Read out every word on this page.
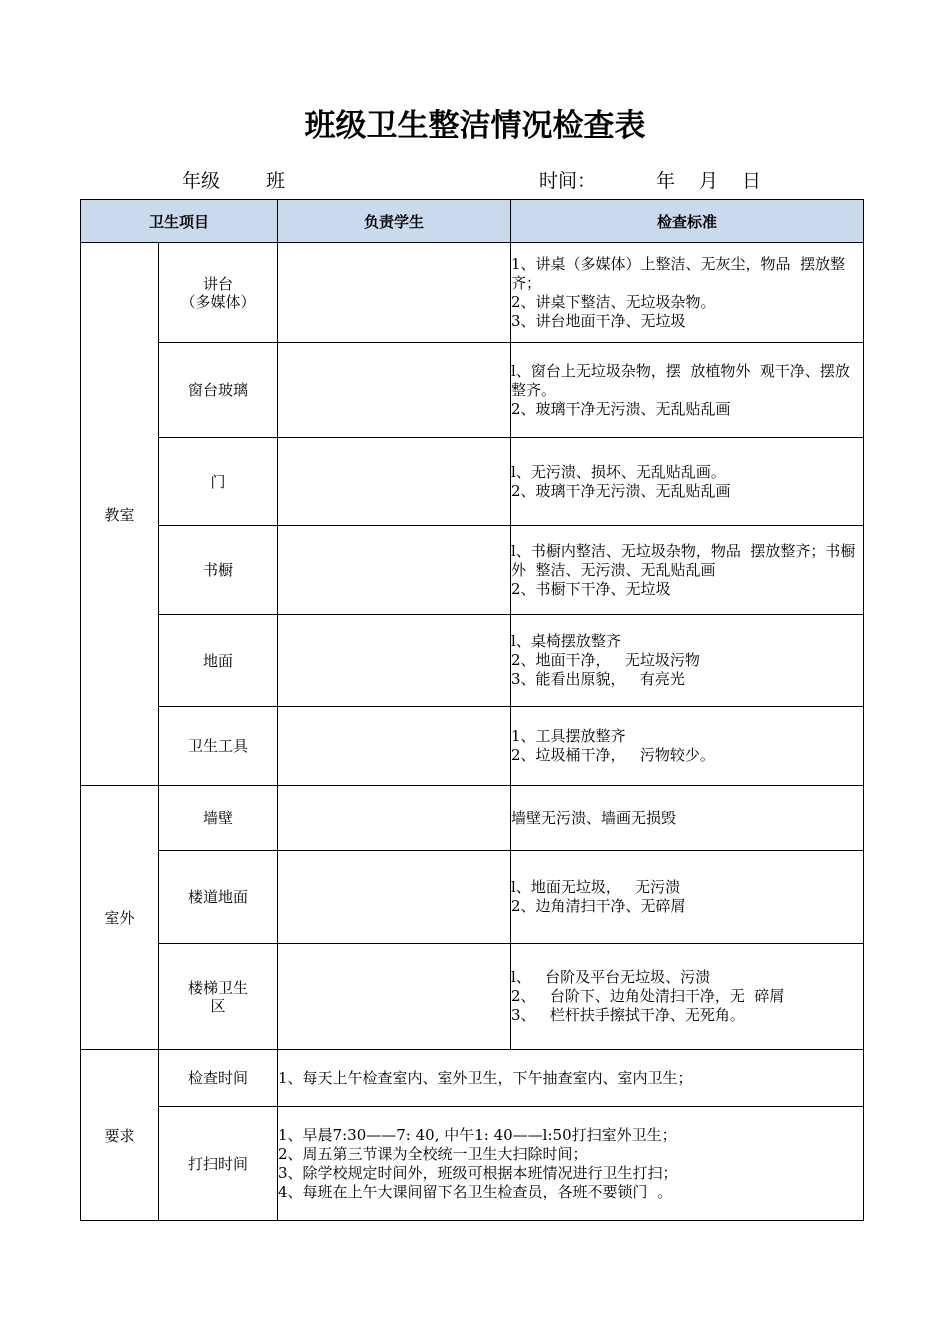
班级卫生整洁情况检查表
年级 班	时间：	年 月 日
卫生项目		负责学生	检查标准
教室	讲台
（多媒体）		1、讲桌（多媒体）上整洁、无灰尘，物品  摆放整齐；
2、讲桌下整洁、无垃圾杂物。
3、讲台地面干净、无垃圾

	窗台玻璃		l、窗台上无垃圾杂物，摆  放植物外  观干净、摆放整齐。
2、玻璃干净无污溃、无乱贴乱画

	门		l、无污溃、损坏、无乱贴乱画。
2、玻璃干净无污溃、无乱贴乱画

	书橱		l、书橱内整洁、无垃圾杂物，物品  摆放整齐；书橱外  整洁、无污溃、无乱贴乱画
2、书橱下干净、无垃圾

	地面		l、桌椅摆放整齐
2、地面干净，   无垃圾污物
3、能看出原貌，   有亮光

	卫生工具		1、工具摆放整齐
2、垃圾桶干净，   污物较少。

室外	墙壁		墙壁无污溃、墙画无损毁

	楼道地面		l、地面无垃圾，   无污溃
2、边角清扫干净、无碎屑

	楼梯卫生
区		l、   台阶及平台无垃圾、污溃
2、   台阶下、边角处清扫干净，无  碎屑
3、   栏杆扶手擦拭干净、无死角。

要求	检查时间	1、每天上午检查室内、室外卫生，下午抽查室内、室内卫生；	

	打扫时间	1、早晨7:30——7: 40, 中午1: 40——l:50打扫室外卫生；
2、周五第三节课为全校统一卫生大扫除时间；
3、除学校规定时间外，班级可根据本班情况进行卫生打扫；
4、每班在上午大课间留下名卫生检查员，各班不要锁门  。	
